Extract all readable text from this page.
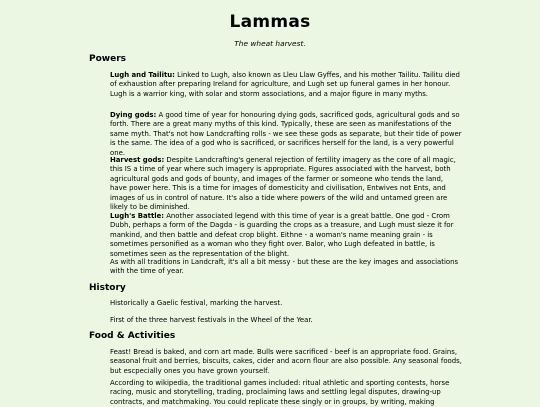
Lammas
The wheat harvest.
Powers

Lugh and Tailitu: Linked to Lugh, also known as Lleu Llaw Gyffes, and his mother Tailitu. Tailitu died of exhaustion after preparing Ireland for agriculture, and Lugh set up funeral games in her honour. Lugh is a warrior king, with solar and storm associations, and a major figure in many myths.

Dying gods: A good time of year for honouring dying gods, sacrificed gods, agricultural gods and so forth. There are a great many myths of this kind. Typically, these are seen as manifestations of the same myth. That's not how Landcrafting rolls - we see these gods as separate, but their tide of power is the same. The idea of a god who is sacrificed, or sacrifices herself for the land, is a very powerful one.

Harvest gods: Despite Landcrafting's general rejection of fertility imagery as the core of all magic, this IS a time of year where such imagery is appropriate. Figures associated with the harvest, both agricultural gods and gods of bounty, and images of the farmer or someone who tends the land, have power here. This is a time for images of domesticity and civilisation, Entwives not Ents, and images of us in control of nature. It's also a tide where powers of the wild and untamed green are likely to be diminished.

Lugh's Battle: Another associated legend with this time of year is a great battle. One god - Crom Dubh, perhaps a form of the Dagda - is guarding the crops as a treasure, and Lugh must sieze it for mankind, and then battle and defeat crop blight. Eithne - a woman's name meaning grain - is sometimes personified as a woman who they fight over. Balor, who Lugh defeated in battle, is sometimes seen as the representation of the blight.

As with all traditions in Landcraft, it's all a bit messy - but these are the key images and associations with the time of year.

History

Historically a Gaelic festival, marking the harvest.

First of the three harvest festivals in the Wheel of the Year.

Food & Activities

Feast! Bread is baked, and corn art made. Bulls were sacrificed - beef is an appropriate food. Grains, seasonal fruit and berries, biscuits, cakes, cider and acorn flour are also possible. Any seasonal foods, but escpecially ones you have grown yourself.

According to wikipedia, the traditional games included: ritual athletic and sporting contests, horse racing, music and storytelling, trading, proclaiming laws and settling legal disputes, drawing-up contracts, and matchmaking. You could replicate these singly or in groups, by writing, making
